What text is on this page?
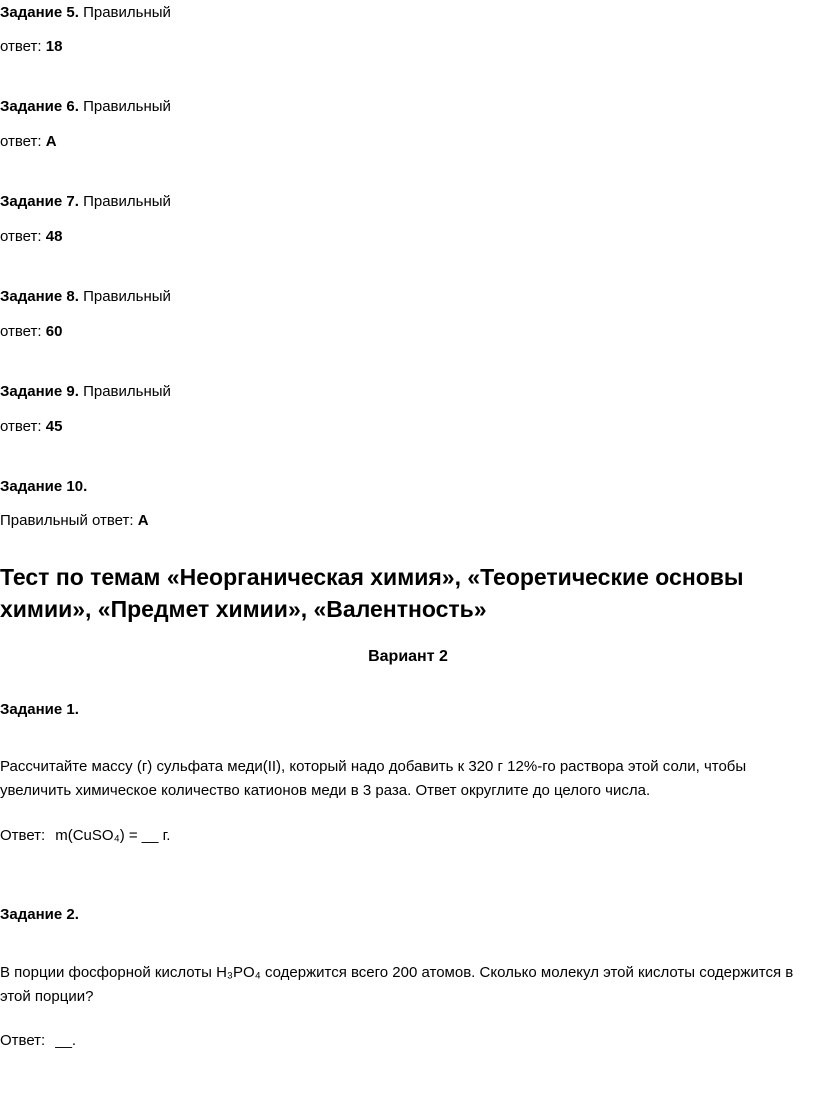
Задание 5. Правильный
ответ: 18
Задание 6. Правильный
ответ: А
Задание 7. Правильный
ответ: 48
Задание 8. Правильный
ответ: 60
Задание 9. Правильный
ответ: 45
Задание 10.
Правильный ответ: А
Тест по темам «Неорганическая химия», «Теоретические основы химии», «Предмет химии», «Валентность»
Вариант 2
Задание 1.
Рассчитайте массу (г) сульфата меди(II), который надо добавить к 320 г 12%-го раствора этой соли, чтобы увеличить химическое количество катионов меди в 3 раза. Ответ округлите до целого числа.
Ответ: m(CuSO₄) = __ г.
Задание 2.
В порции фосфорной кислоты H₃PO₄ содержится всего 200 атомов. Сколько молекул этой кислоты содержится в этой порции?
Ответ: __.
